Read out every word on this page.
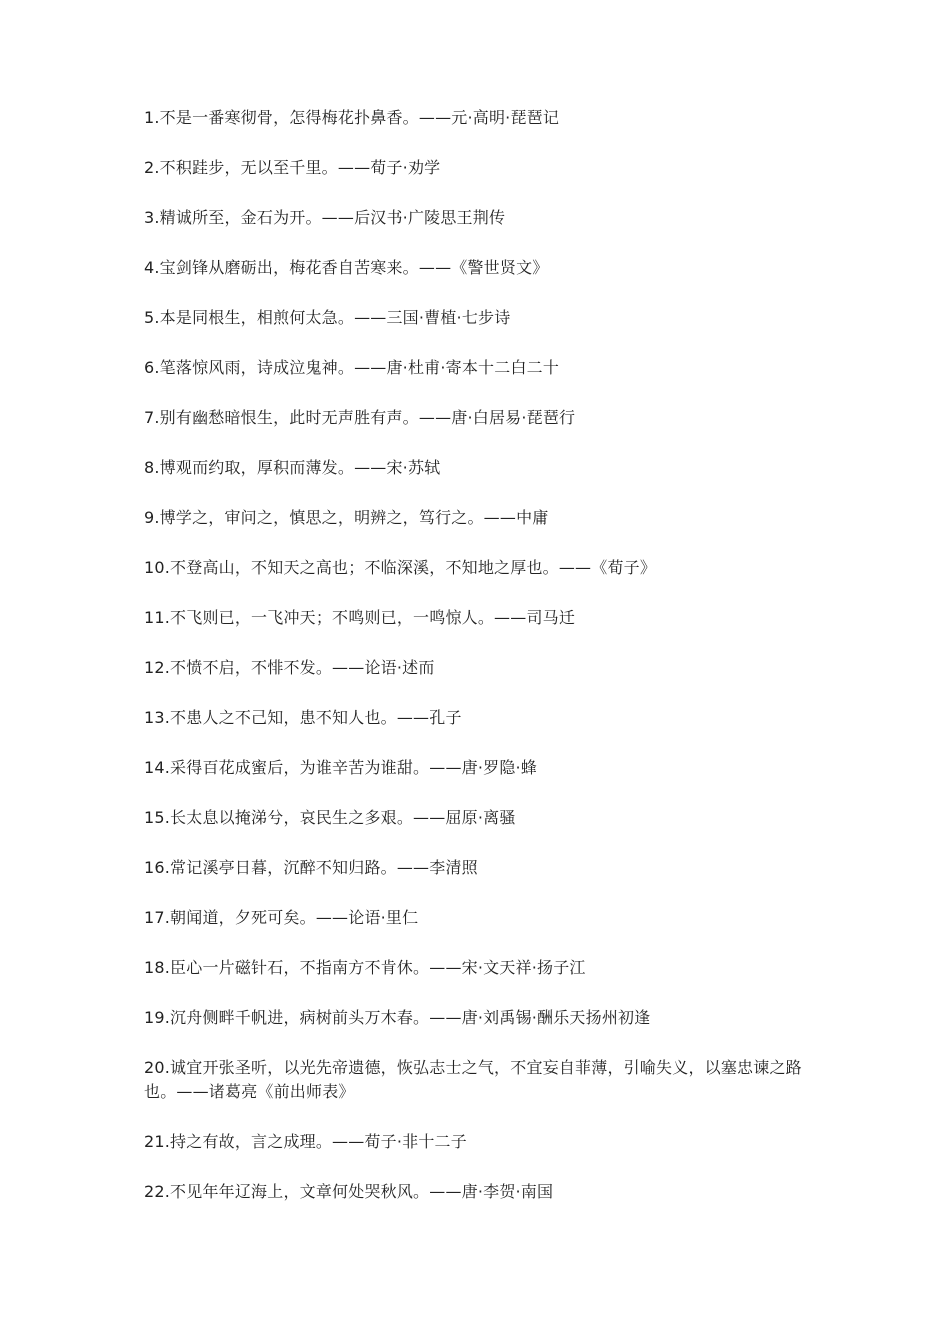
1.不是一番寒彻骨，怎得梅花扑鼻香。——元·高明·琵琶记

2.不积跬步，无以至千里。——荀子·劝学

3.精诚所至，金石为开。——后汉书·广陵思王荆传

4.宝剑锋从磨砺出，梅花香自苦寒来。——《警世贤文》

5.本是同根生，相煎何太急。——三国·曹植·七步诗

6.笔落惊风雨，诗成泣鬼神。——唐·杜甫·寄本十二白二十

7.别有幽愁暗恨生，此时无声胜有声。——唐·白居易·琵琶行

8.博观而约取，厚积而薄发。——宋·苏轼

9.博学之，审问之，慎思之，明辨之，笃行之。——中庸

10.不登高山，不知天之高也；不临深溪，不知地之厚也。——《荀子》

11.不飞则已，一飞冲天；不鸣则已，一鸣惊人。——司马迁

12.不愤不启，不悱不发。——论语·述而

13.不患人之不己知，患不知人也。——孔子

14.采得百花成蜜后，为谁辛苦为谁甜。——唐·罗隐·蜂

15.长太息以掩涕兮，哀民生之多艰。——屈原·离骚

16.常记溪亭日暮，沉醉不知归路。——李清照

17.朝闻道，夕死可矣。——论语·里仁

18.臣心一片磁针石，不指南方不肯休。——宋·文天祥·扬子江

19.沉舟侧畔千帆进，病树前头万木春。——唐·刘禹锡·酬乐天扬州初逢

20.诚宜开张圣听，以光先帝遗德，恢弘志士之气，不宜妄自菲薄，引喻失义，以塞忠谏之路也。——诸葛亮《前出师表》

21.持之有故，言之成理。——荀子·非十二子

22.不见年年辽海上，文章何处哭秋风。——唐·李贺·南国
